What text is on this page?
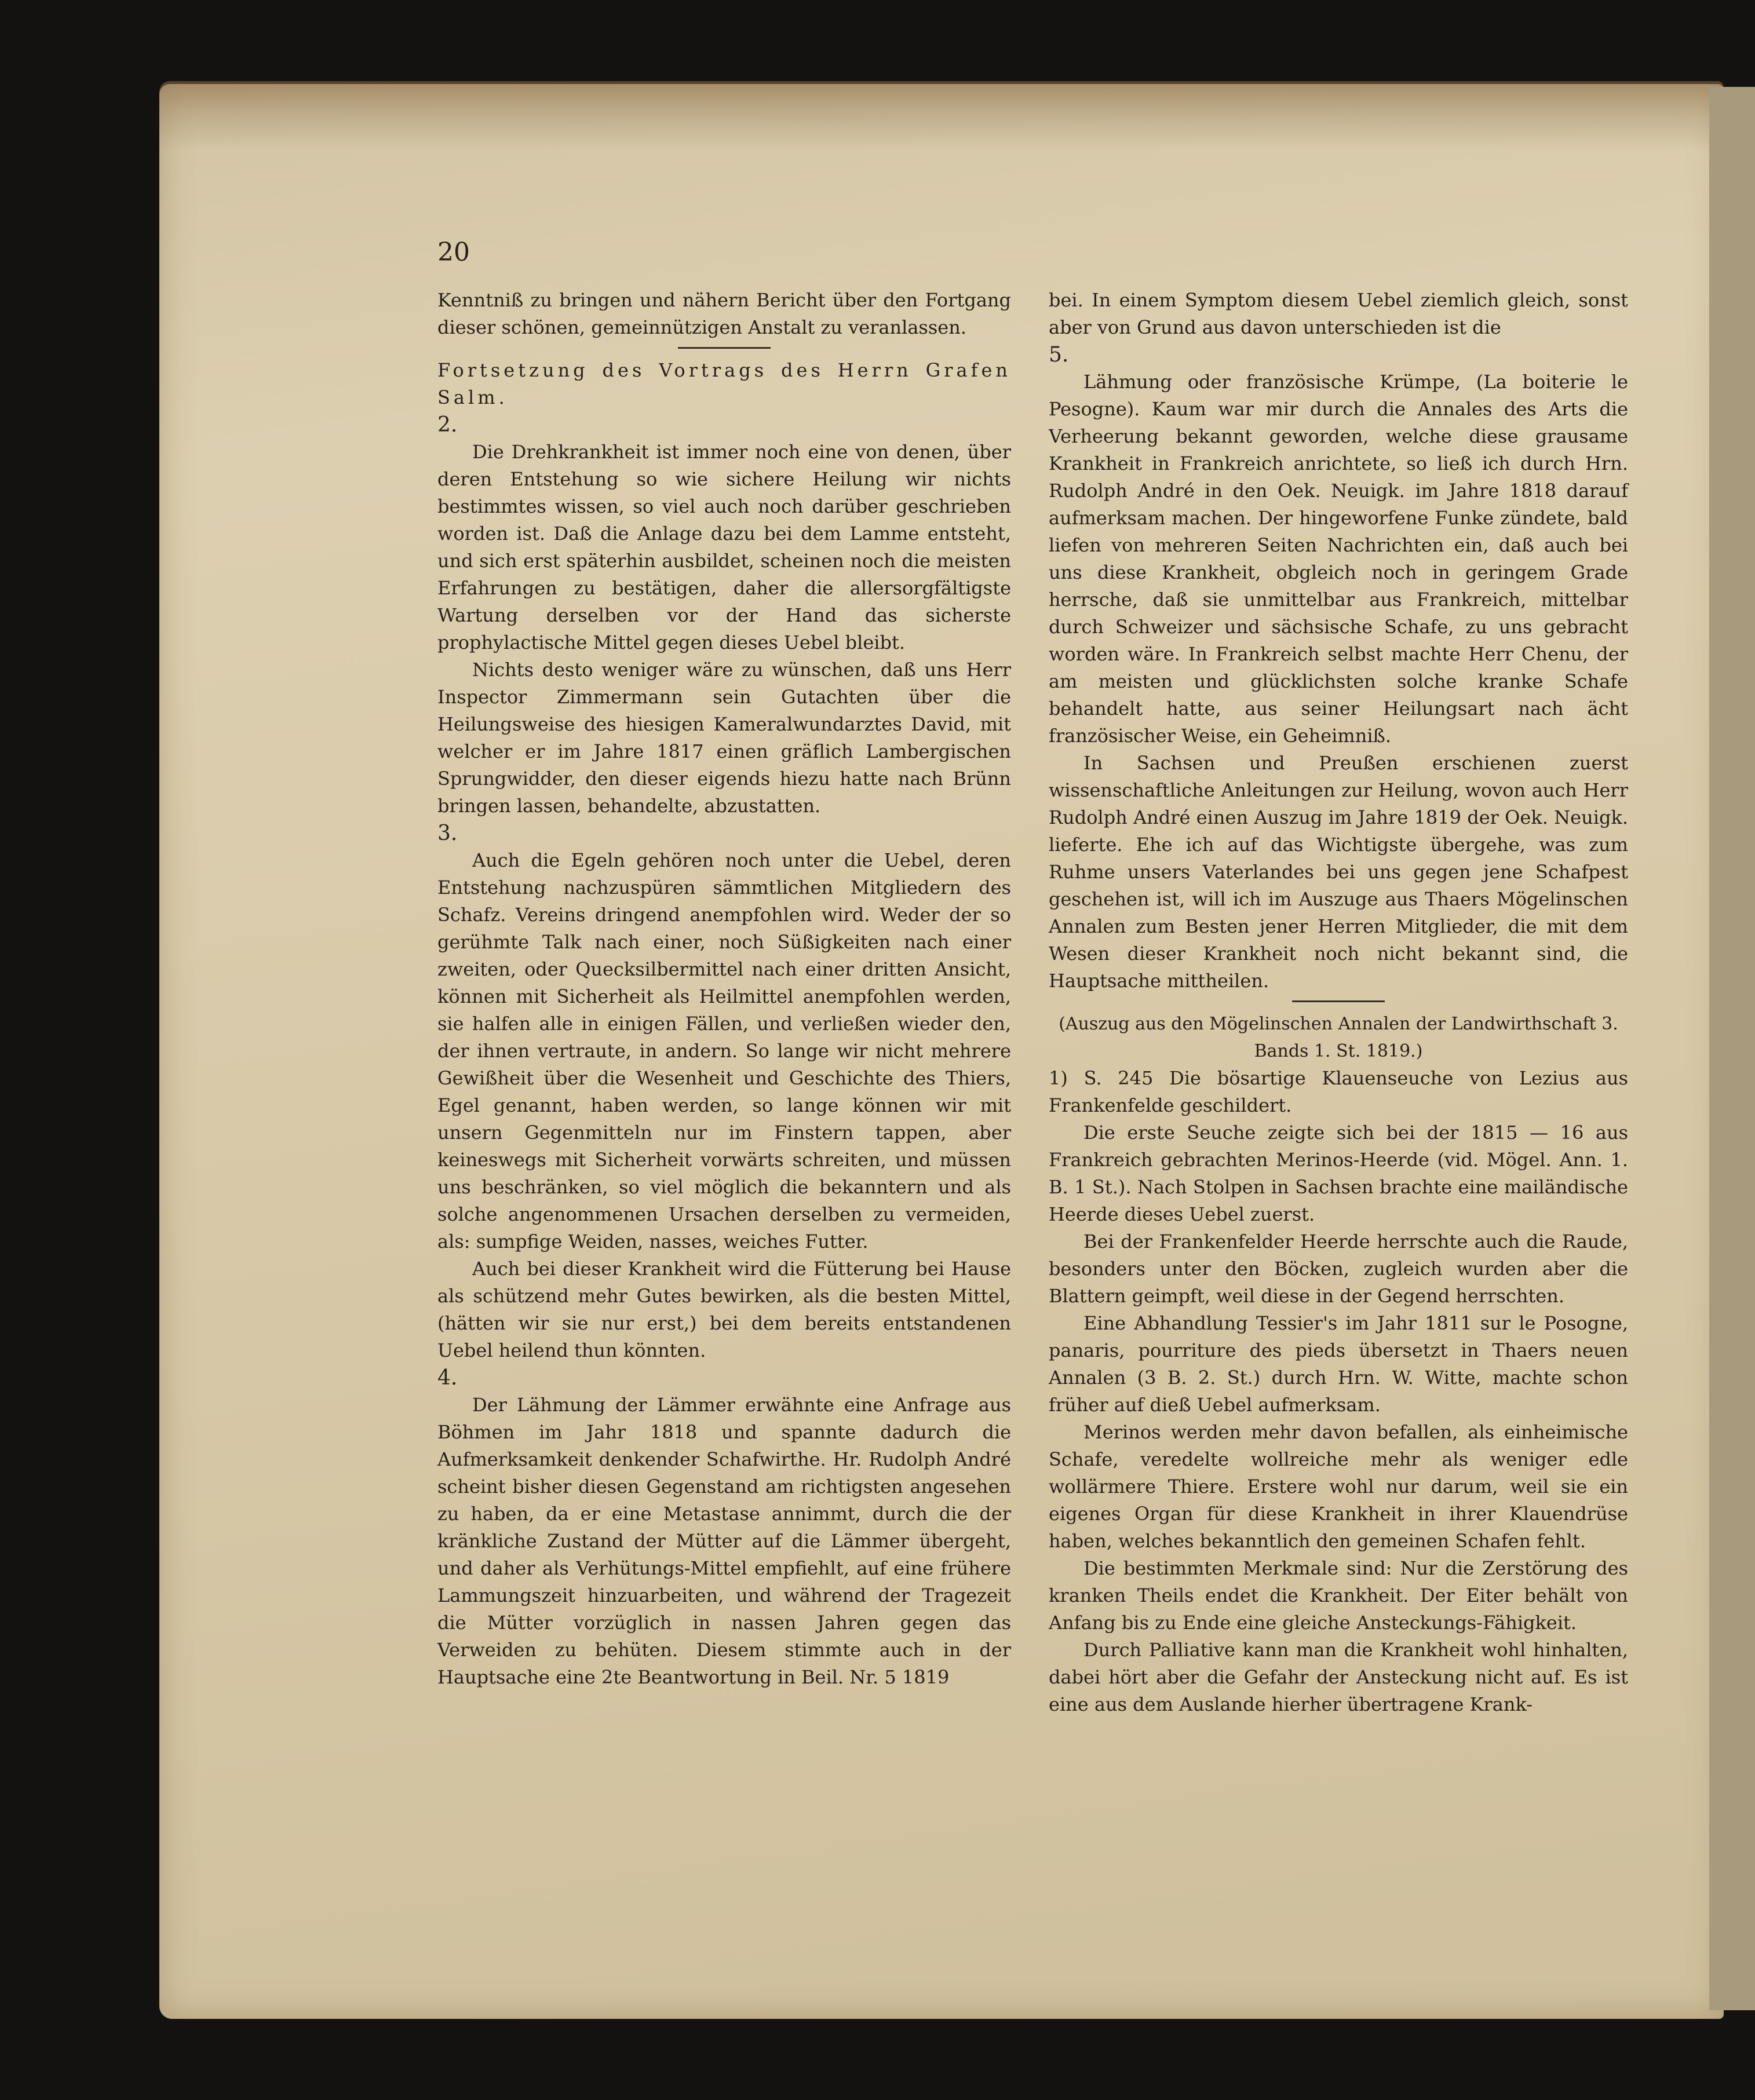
20

Kenntniß zu bringen und nähern Bericht über den Fortgang dieser schönen, gemeinnützigen Anstalt zu veranlassen.

Fortsetzung des Vortrags des Herrn Grafen Salm.

2.

Die Drehkrankheit ist immer noch eine von denen, über deren Entstehung so wie sichere Heilung wir nichts bestimmtes wissen, so viel auch noch darüber geschrieben worden ist. Daß die Anlage dazu bei dem Lamme entsteht, und sich erst späterhin ausbildet, scheinen noch die meisten Erfahrungen zu bestätigen, daher die allersorgfältigste Wartung derselben vor der Hand das sicherste prophylactische Mittel gegen dieses Uebel bleibt.

Nichts desto weniger wäre zu wünschen, daß uns Herr Inspector Zimmermann sein Gutachten über die Heilungsweise des hiesigen Kameralwundarztes David, mit welcher er im Jahre 1817 einen gräflich Lambergischen Sprungwidder, den dieser eigends hiezu hatte nach Brünn bringen lassen, behandelte, abzustatten.

3.

Auch die Egeln gehören noch unter die Uebel, deren Entstehung nachzuspüren sämmtlichen Mitgliedern des Schafz. Vereins dringend anempfohlen wird. Weder der so gerühmte Talk nach einer, noch Süßigkeiten nach einer zweiten, oder Quecksilbermittel nach einer dritten Ansicht, können mit Sicherheit als Heilmittel anempfohlen werden, sie halfen alle in einigen Fällen, und verließen wieder den, der ihnen vertraute, in andern. So lange wir nicht mehrere Gewißheit über die Wesenheit und Geschichte des Thiers, Egel genannt, haben werden, so lange können wir mit unsern Gegenmitteln nur im Finstern tappen, aber keineswegs mit Sicherheit vorwärts schreiten, und müssen uns beschränken, so viel möglich die bekanntern und als solche angenommenen Ursachen derselben zu vermeiden, als: sumpfige Weiden, nasses, weiches Futter.

Auch bei dieser Krankheit wird die Fütterung bei Hause als schützend mehr Gutes bewirken, als die besten Mittel, (hätten wir sie nur erst,) bei dem bereits entstandenen Uebel heilend thun könnten.

4.

Der Lähmung der Lämmer erwähnte eine Anfrage aus Böhmen im Jahr 1818 und spannte dadurch die Aufmerksamkeit denkender Schafwirthe. Hr. Rudolph André scheint bisher diesen Gegenstand am richtigsten angesehen zu haben, da er eine Metastase annimmt, durch die der kränkliche Zustand der Mütter auf die Lämmer übergeht, und daher als Verhütungs-Mittel empfiehlt, auf eine frühere Lammungszeit hinzuarbeiten, und während der Tragezeit die Mütter vorzüglich in nassen Jahren gegen das Verweiden zu behüten. Diesem stimmte auch in der Hauptsache eine 2te Beantwortung in Beil. Nr. 5 1819

bei. In einem Symptom diesem Uebel ziemlich gleich, sonst aber von Grund aus davon unterschieden ist die

5.

Lähmung oder französische Krümpe, (La boiterie le Pesogne). Kaum war mir durch die Annales des Arts die Verheerung bekannt geworden, welche diese grausame Krankheit in Frankreich anrichtete, so ließ ich durch Hrn. Rudolph André in den Oek. Neuigk. im Jahre 1818 darauf aufmerksam machen. Der hingeworfene Funke zündete, bald liefen von mehreren Seiten Nachrichten ein, daß auch bei uns diese Krankheit, obgleich noch in geringem Grade herrsche, daß sie unmittelbar aus Frankreich, mittelbar durch Schweizer und sächsische Schafe, zu uns gebracht worden wäre. In Frankreich selbst machte Herr Chenu, der am meisten und glücklichsten solche kranke Schafe behandelt hatte, aus seiner Heilungsart nach ächt französischer Weise, ein Geheimniß.

In Sachsen und Preußen erschienen zuerst wissenschaftliche Anleitungen zur Heilung, wovon auch Herr Rudolph André einen Auszug im Jahre 1819 der Oek. Neuigk. lieferte. Ehe ich auf das Wichtigste übergehe, was zum Ruhme unsers Vaterlandes bei uns gegen jene Schafpest geschehen ist, will ich im Auszuge aus Thaers Mögelinschen Annalen zum Besten jener Herren Mitglieder, die mit dem Wesen dieser Krankheit noch nicht bekannt sind, die Hauptsache mittheilen.

(Auszug aus den Mögelinschen Annalen der Landwirthschaft 3. Bands 1. St. 1819.)

1) S. 245 Die bösartige Klauenseuche von Lezius aus Frankenfelde geschildert.

Die erste Seuche zeigte sich bei der 1815 — 16 aus Frankreich gebrachten Merinos-Heerde (vid. Mögel. Ann. 1. B. 1 St.). Nach Stolpen in Sachsen brachte eine mailändische Heerde dieses Uebel zuerst.

Bei der Frankenfelder Heerde herrschte auch die Raude, besonders unter den Böcken, zugleich wurden aber die Blattern geimpft, weil diese in der Gegend herrschten.

Eine Abhandlung Tessier's im Jahr 1811 sur le Posogne, panaris, pourriture des pieds übersetzt in Thaers neuen Annalen (3 B. 2. St.) durch Hrn. W. Witte, machte schon früher auf dieß Uebel aufmerksam.

Merinos werden mehr davon befallen, als einheimische Schafe, veredelte wollreiche mehr als weniger edle wollärmere Thiere. Erstere wohl nur darum, weil sie ein eigenes Organ für diese Krankheit in ihrer Klauendrüse haben, welches bekanntlich den gemeinen Schafen fehlt.

Die bestimmten Merkmale sind: Nur die Zerstörung des kranken Theils endet die Krankheit. Der Eiter behält von Anfang bis zu Ende eine gleiche Ansteckungs-Fähigkeit.

Durch Palliative kann man die Krankheit wohl hinhalten, dabei hört aber die Gefahr der Ansteckung nicht auf. Es ist eine aus dem Auslande hierher übertragene Krank-
